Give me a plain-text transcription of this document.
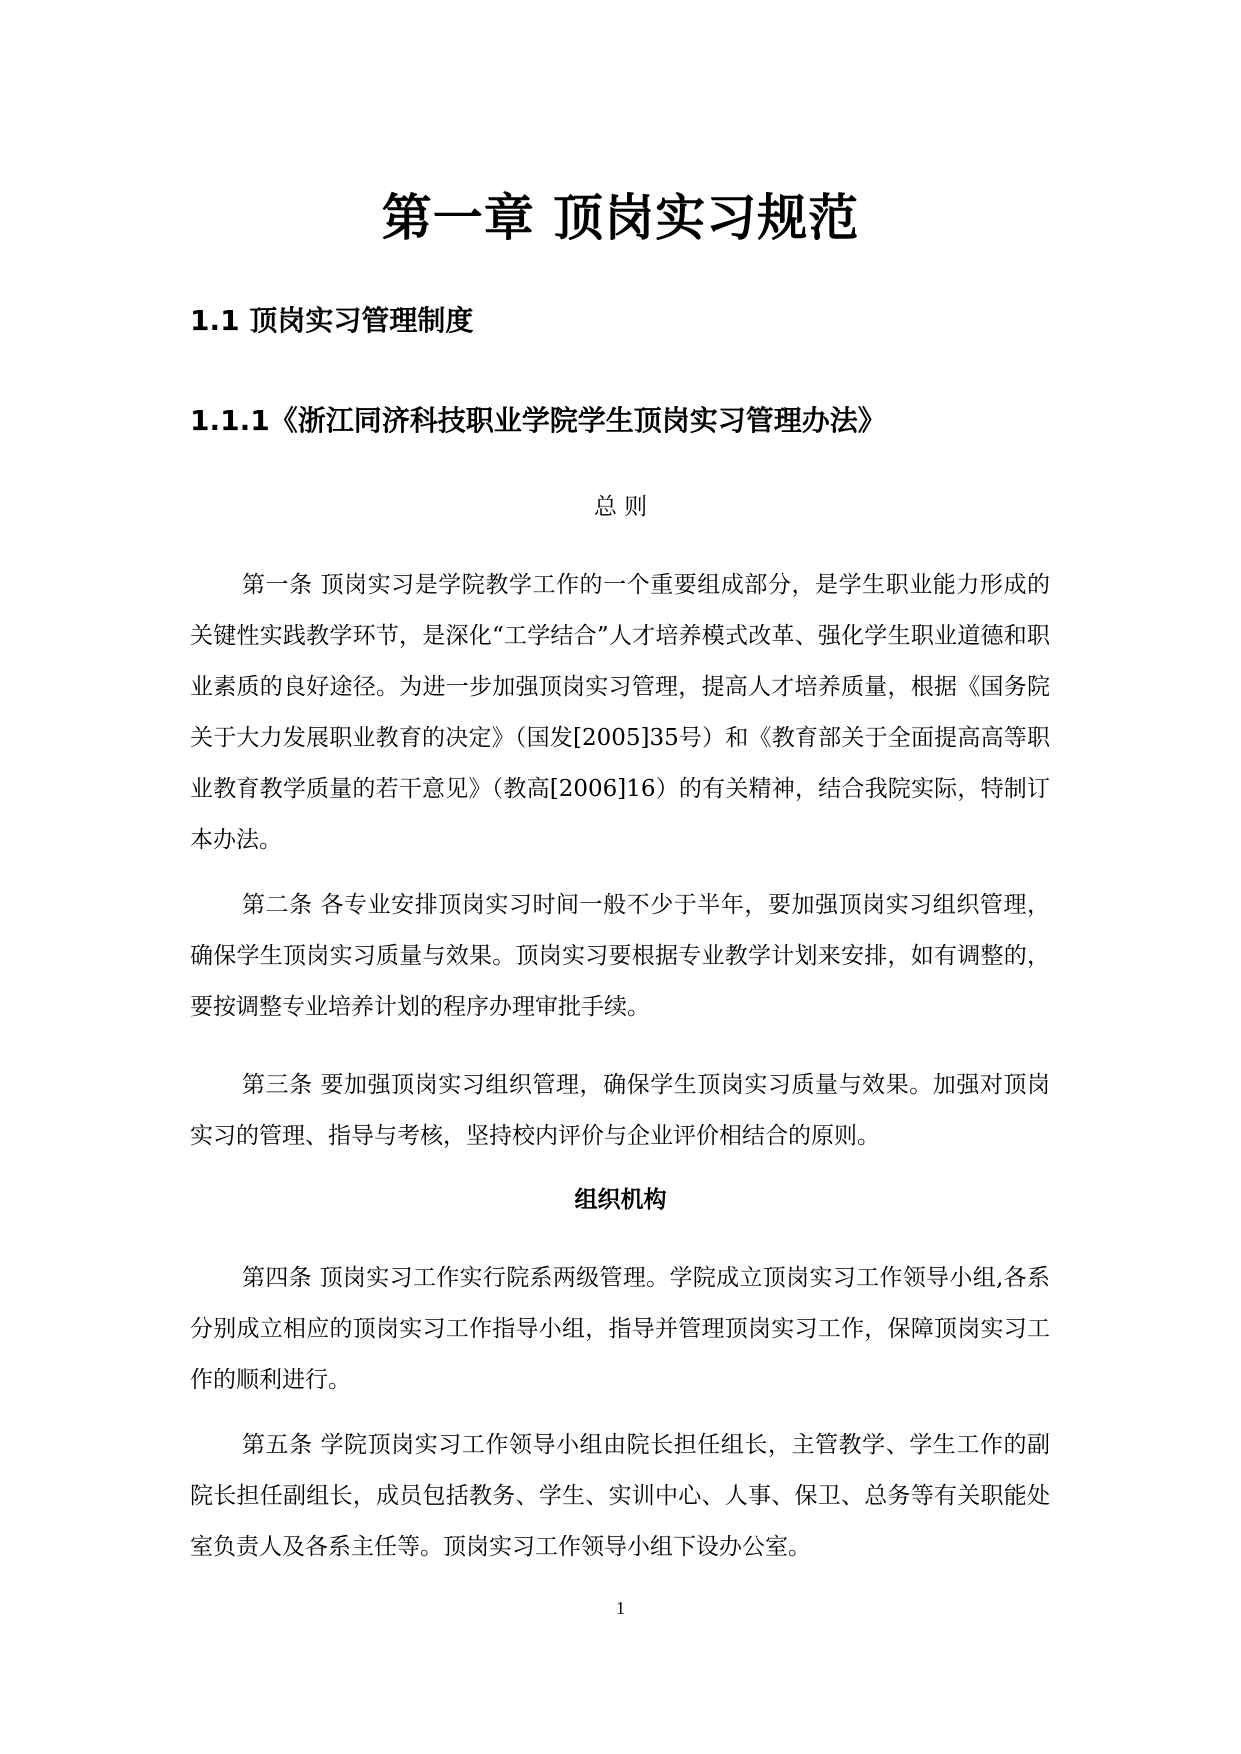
第一章 顶岗实习规范
1.1 顶岗实习管理制度
1.1.1《浙江同济科技职业学院学生顶岗实习管理办法》
总 则

第一条 顶岗实习是学院教学工作的一个重要组成部分，是学生职业能力形成的关键性实践教学环节，是深化“工学结合”人才培养模式改革、强化学生职业道德和职业素质的良好途径。为进一步加强顶岗实习管理，提高人才培养质量，根据《国务院关于大力发展职业教育的决定》（国发[2005]35号）和《教育部关于全面提高高等职业教育教学质量的若干意见》（教高[2006]16）的有关精神，结合我院实际，特制订本办法。

第二条 各专业安排顶岗实习时间一般不少于半年，要加强顶岗实习组织管理，确保学生顶岗实习质量与效果。顶岗实习要根据专业教学计划来安排，如有调整的，要按调整专业培养计划的程序办理审批手续。

第三条 要加强顶岗实习组织管理，确保学生顶岗实习质量与效果。加强对顶岗实习的管理、指导与考核，坚持校内评价与企业评价相结合的原则。

组织机构

第四条 顶岗实习工作实行院系两级管理。学院成立顶岗实习工作领导小组,各系分别成立相应的顶岗实习工作指导小组，指导并管理顶岗实习工作，保障顶岗实习工作的顺利进行。

第五条 学院顶岗实习工作领导小组由院长担任组长，主管教学、学生工作的副院长担任副组长，成员包括教务、学生、实训中心、人事、保卫、总务等有关职能处室负责人及各系主任等。顶岗实习工作领导小组下设办公室。

1
